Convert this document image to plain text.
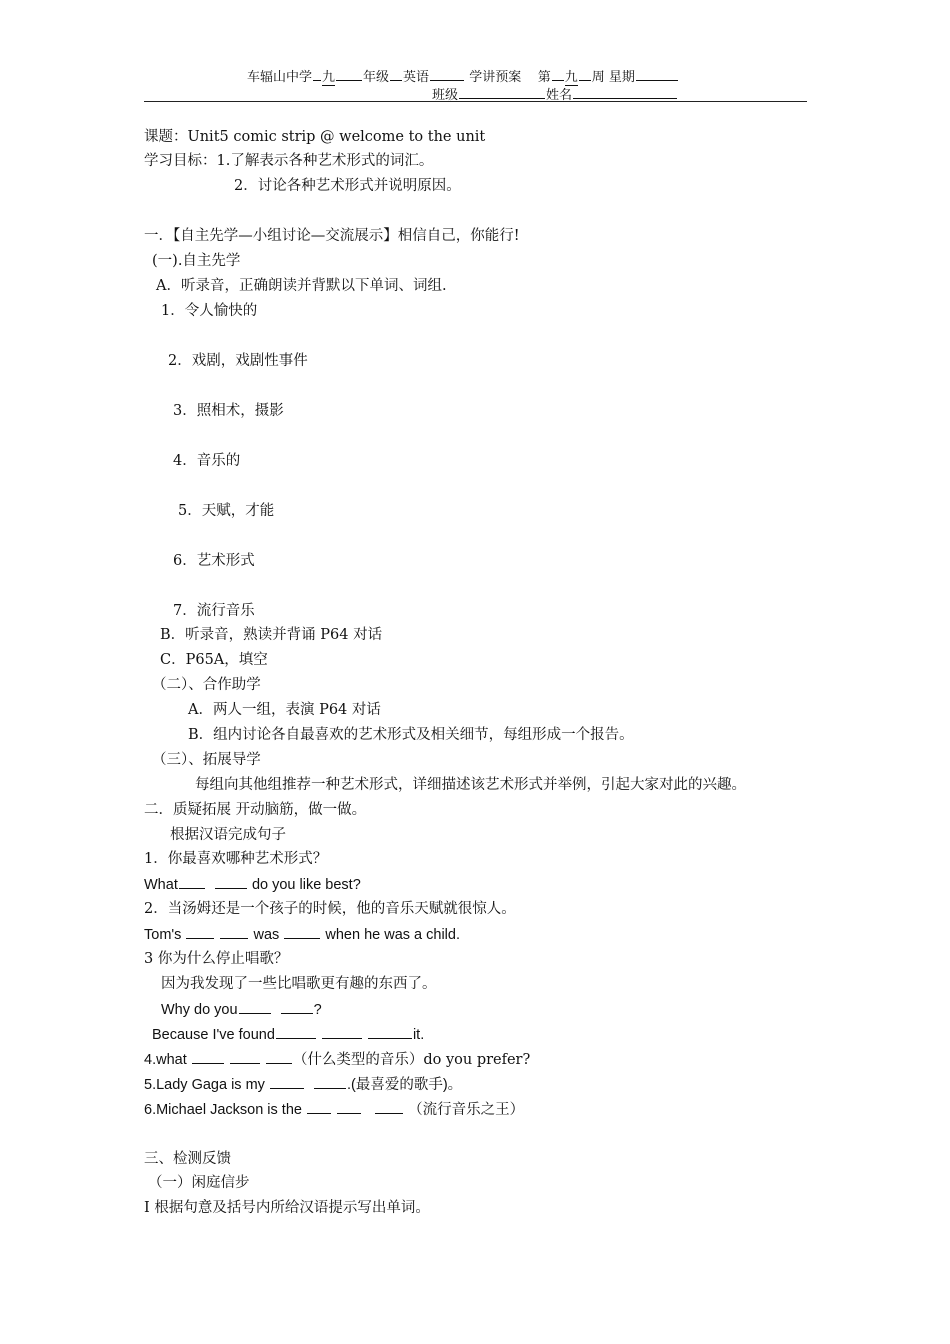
车辐山中学 九 年级 英语	学讲预案 第 九 周 星期
班级	姓名
课题：Unit5 comic strip @ welcome to the unit
学习目标：1.了解表示各种艺术形式的词汇。
2．讨论各种艺术形式并说明原因。
一．【自主先学—小组讨论—交流展示】相信自己，你能行!
(一).自主先学
A．听录音，正确朗读并背默以下单词、词组.
1．令人愉快的
2．戏剧，戏剧性事件
3．照相术，摄影
4．音乐的
5．天赋，才能
6．艺术形式
7．流行音乐
B．听录音，熟读并背诵 P64 对话
C．P65A，填空
（二）、合作助学
A．两人一组，表演 P64 对话
B．组内讨论各自最喜欢的艺术形式及相关细节，每组形成一个报告。
（三）、拓展导学
每组向其他组推荐一种艺术形式，详细描述该艺术形式并举例，引起大家对此的兴趣。
二．质疑拓展 开动脑筋，做一做。
根据汉语完成句子
1．你最喜欢哪种艺术形式？
What	do you like best?
2．当汤姆还是一个孩子的时候，他的音乐天赋就很惊人。
Tom's	was	when he was a child.
3 你为什么停止唱歌？
因为我发现了一些比唱歌更有趣的东西了。
Why do you	?
Because I've found	it.
4.what	（什么类型的音乐）do you prefer?
5.Lady Gaga is my	.(最喜爱的歌手)。
6.Michael Jackson is the	（流行音乐之王）
三、检测反馈
（一）闲庭信步
I 根据句意及括号内所给汉语提示写出单词。
